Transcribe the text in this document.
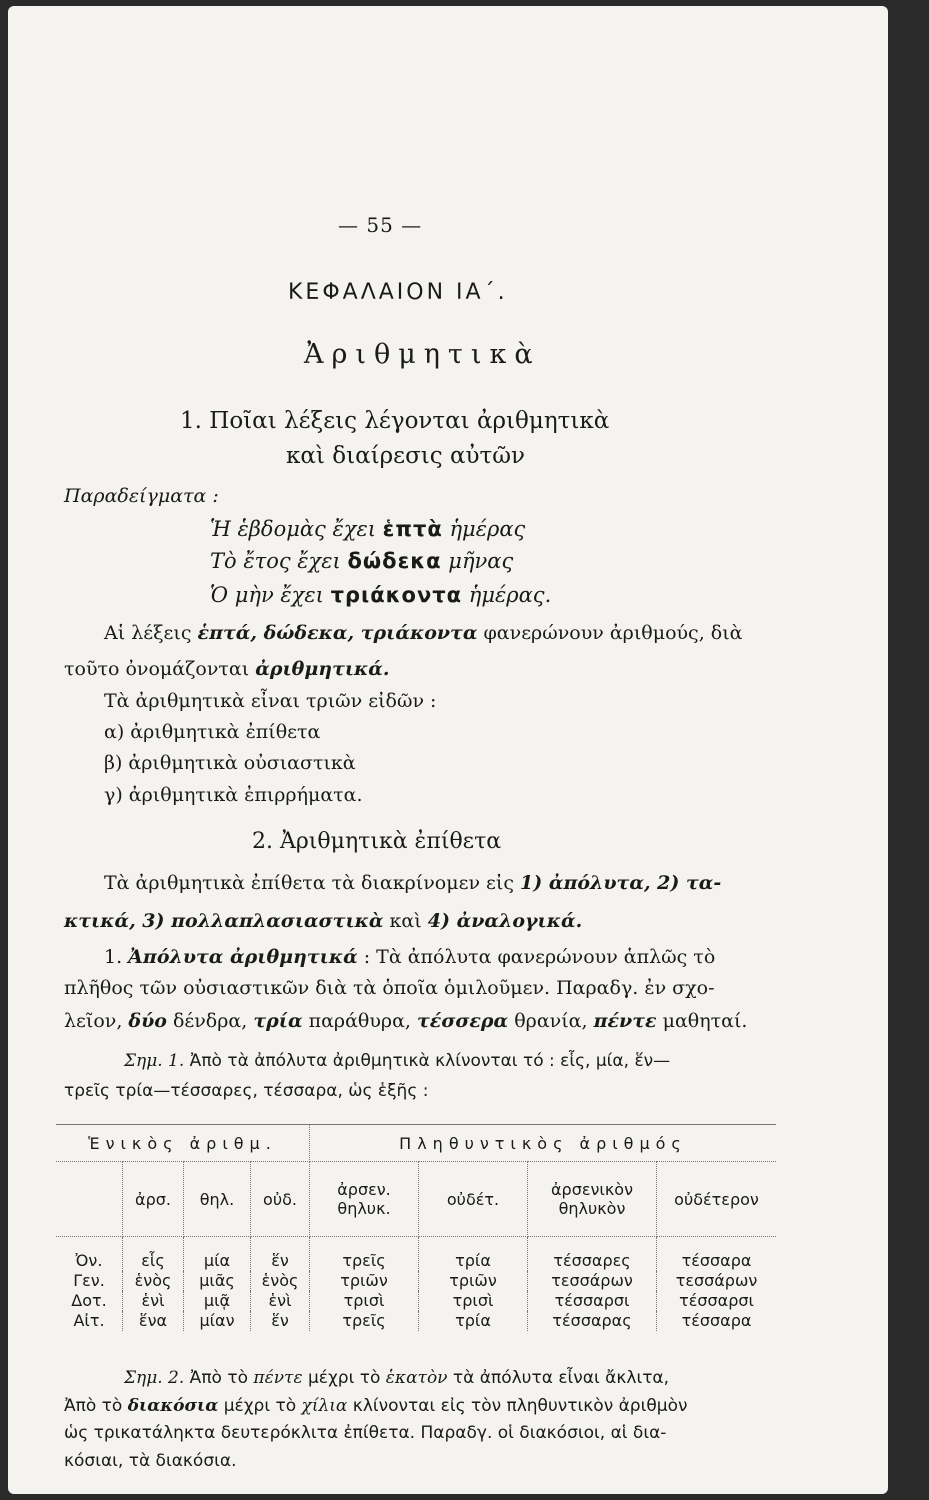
— 55 —
ΚΕΦΑΛΑΙΟΝ ΙΑ΄.
Ἀριθμητικὰ
1. Ποῖαι λέξεις λέγονται ἀριθμητικὰ
καὶ διαίρεσις αὐτῶν
Παραδείγματα :
Ἡ ἑβδομὰς ἔχει ἑπτὰ ἡμέρας
Τὸ ἔτος ἔχει δώδεκα μῆνας
Ὁ μὴν ἔχει τριάκοντα ἡμέρας.
Αἱ λέξεις ἑπτά, δώδεκα, τριάκοντα φανερώνουν ἀριθμούς, διὰ
τοῦτο ὀνομάζονται ἀριθμητικά.
Τὰ ἀριθμητικὰ εἶναι τριῶν εἰδῶν :
α) ἀριθμητικὰ ἐπίθετα
β) ἀριθμητικὰ οὐσιαστικὰ
γ) ἀριθμητικὰ ἐπιρρήματα.
2. Ἀριθμητικὰ ἐπίθετα
Τὰ ἀριθμητικὰ ἐπίθετα τὰ διακρίνομεν εἰς 1) ἀπόλυτα, 2) τα-
κτικά, 3) πολλαπλασιαστικὰ καὶ 4) ἀναλογικά.
1. Ἀπόλυτα ἀριθμητικά : Τὰ ἀπόλυτα φανερώνουν ἁπλῶς τὸ
πλῆθος τῶν οὐσιαστικῶν διὰ τὰ ὁποῖα ὁμιλοῦμεν. Παραδγ. ἐν σχο-
λεῖον, δύο δένδρα, τρία παράθυρα, τέσσερα θρανία, πέντε μαθηταί.
Σημ. 1. Ἀπὸ τὰ ἀπόλυτα ἀριθμητικὰ κλίνονται τό : εἷς, μία, ἕν—
τρεῖς τρία—τέσσαρες, τέσσαρα, ὡς ἑξῆς :
Ἑνικὸς ἀριθμ.				Πληθυντικὸς ἀριθμός			
	ἀρσ.	θηλ.	οὐδ.	ἀρσεν. θηλυκ.	οὐδέτ.	ἀρσενικὸν θηλυκὸν	οὐδέτερον
Ὀν.	εἷς	μία	ἕν	τρεῖς	τρία	τέσσαρες	τέσσαρα
Γεν.	ἑνὸς	μιᾶς	ἑνὸς	τριῶν	τριῶν	τεσσάρων	τεσσάρων
Δοτ.	ἑνὶ	μιᾷ	ἑνὶ	τρισὶ	τρισὶ	τέσσαρσι	τέσσαρσι
Αἰτ.	ἕνα	μίαν	ἕν	τρεῖς	τρία	τέσσαρας	τέσσαρα
Σημ. 2. Ἀπὸ τὸ πέντε μέχρι τὸ ἑκατὸν τὰ ἀπόλυτα εἶναι ἄκλιτα,
Ἀπὸ τὸ διακόσια μέχρι τὸ χίλια κλίνονται εἰς τὸν πληθυντικὸν ἀριθμὸν
ὡς τρικατάληκτα δευτερόκλιτα ἐπίθετα. Παραδγ. οἱ διακόσιοι, αἱ δια-
κόσιαι, τὰ διακόσια.
